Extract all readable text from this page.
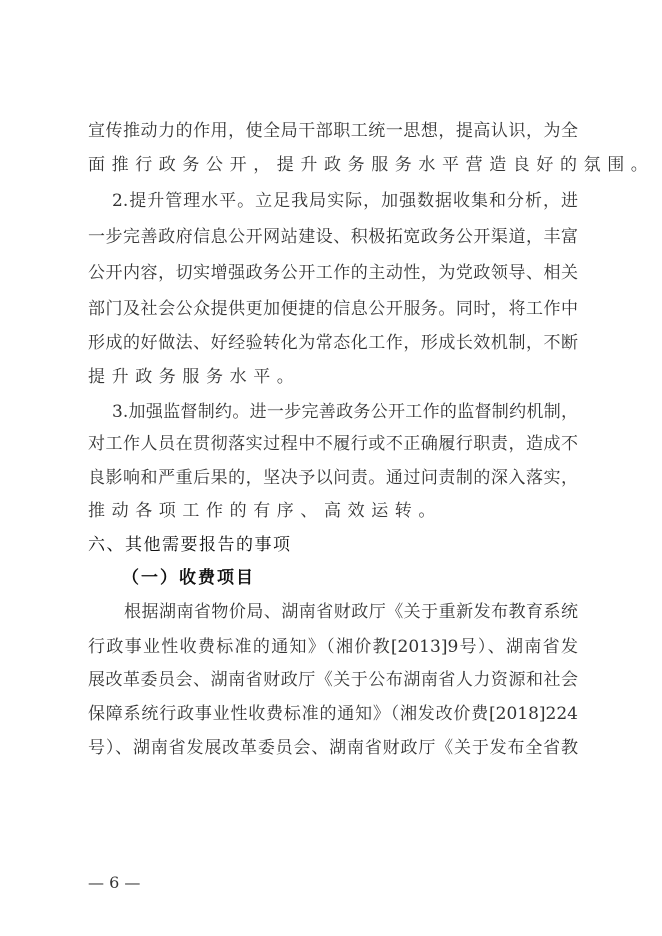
宣传推动力的作用，使全局干部职工统一思想，提高认识，为全
面推行政务公开，提升政务服务水平营造良好的氛围。
2.提升管理水平。立足我局实际，加强数据收集和分析，进
一步完善政府信息公开网站建设、积极拓宽政务公开渠道，丰富
公开内容，切实增强政务公开工作的主动性，为党政领导、相关
部门及社会公众提供更加便捷的信息公开服务。同时，将工作中
形成的好做法、好经验转化为常态化工作，形成长效机制，不断
提升政务服务水平。
3.加强监督制约。进一步完善政务公开工作的监督制约机制，
对工作人员在贯彻落实过程中不履行或不正确履行职责，造成不
良影响和严重后果的，坚决予以问责。通过问责制的深入落实，
推动各项工作的有序、高效运转。
六、其他需要报告的事项
（一）收费项目
根据湖南省物价局、湖南省财政厅《关于重新发布教育系统
行政事业性收费标准的通知》（湘价教[2013]9号）、湖南省发
展改革委员会、湖南省财政厅《关于公布湖南省人力资源和社会
保障系统行政事业性收费标准的通知》（湘发改价费[2018]224
号）、湖南省发展改革委员会、湖南省财政厅《关于发布全省教
— 6 —
